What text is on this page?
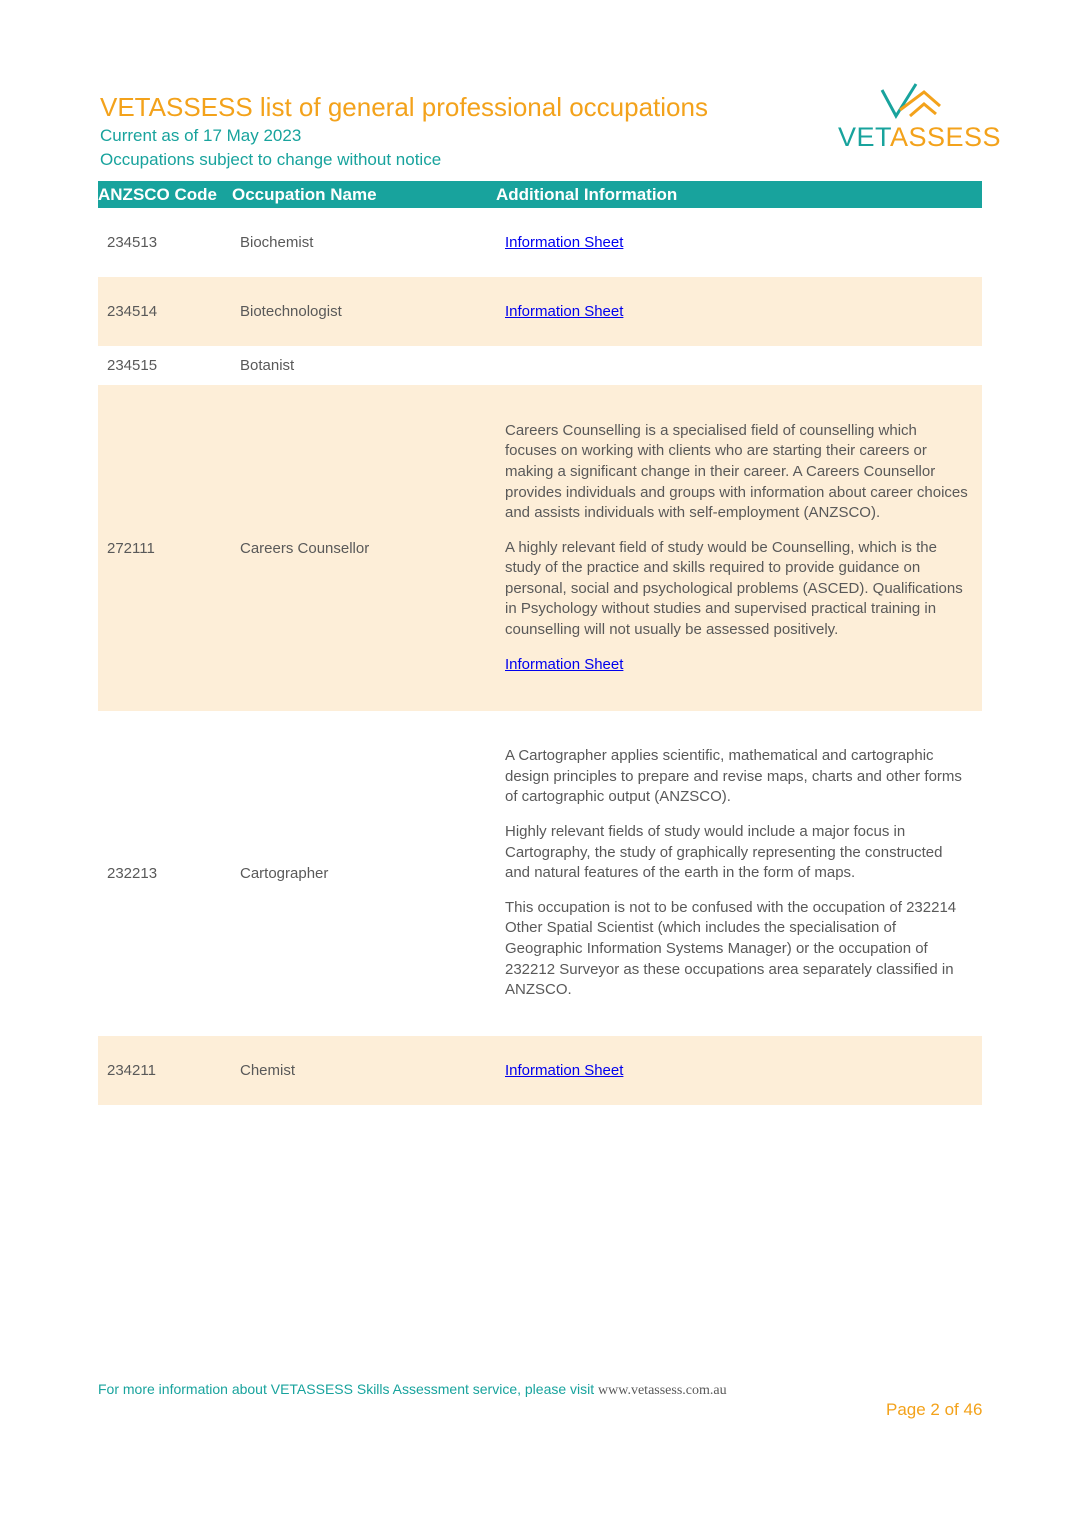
VETASSESS list of general professional occupations
Current as of 17 May 2023
Occupations subject to change without notice
VETASSESS
ANZSCO Code Occupation Name	Additional Information
234513	Biochemist	Information Sheet
234514	Biotechnologist	Information Sheet
234515	Botanist
272111	Careers Counsellor

Careers Counselling is a specialised field of counselling which focuses on working with clients who are starting their careers or making a significant change in their career. A Careers Counsellor provides individuals and groups with information about career choices and assists individuals with self-employment (ANZSCO).

A highly relevant field of study would be Counselling, which is the study of the practice and skills required to provide guidance on personal, social and psychological problems (ASCED). Qualifications in Psychology without studies and supervised practical training in counselling will not usually be assessed positively.

Information Sheet

232213	Cartographer

A Cartographer applies scientific, mathematical and cartographic design principles to prepare and revise maps, charts and other forms of cartographic output (ANZSCO).

Highly relevant fields of study would include a major focus in Cartography, the study of graphically representing the constructed and natural features of the earth in the form of maps.

This occupation is not to be confused with the occupation of 232214 Other Spatial Scientist (which includes the specialisation of Geographic Information Systems Manager) or the occupation of 232212 Surveyor as these occupations area separately classified in ANZSCO.

234211	Chemist	Information Sheet
For more information about VETASSESS Skills Assessment service, please visit www.vetassess.com.au
Page 2 of 46
